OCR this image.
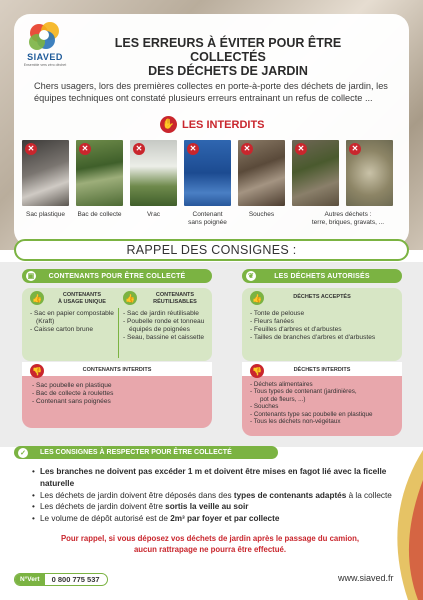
SIAVED
Ensemble vers zéro déchet
LES ERREURS À ÉVITER POUR ÊTRE COLLECTÉS
DES DÉCHETS DE JARDIN
Chers usagers, lors des premières collectes en porte-à-porte des déchets de jardin, les équipes techniques ont constaté plusieurs erreurs entrainant un refus de collecte ...
✋ LES INTERDITS
✕
Sac plastique
✕
Bac de collecte
✕
Vrac
✕
Contenant
sans poignée
✕
Souches
✕	✕
Autres déchets :
terre, briques, gravats, ...
RAPPEL DES CONSIGNES :
▣ CONTENANTS POUR ÊTRE COLLECTÉ
👍	CONTENANTS
À USAGE UNIQUE	👍	CONTENANTS
RÉUTILISABLES
- Sac en papier compostable
(Kraft)
- Caisse carton brune
- Sac de jardin réutilisable
- Poubelle ronde et tonneau
équipés de poignées
- Seau, bassine et caissette
👎	CONTENANTS INTERDITS
- Sac poubelle en plastique
- Bac de collecte à roulettes
- Contenant sans poignées
❦	LES DÉCHETS AUTORISÉS
👍	DÉCHETS ACCEPTÉS
- Tonte de pelouse
- Fleurs fanées
- Feuilles d'arbres et d'arbustes
- Tailles de branches d'arbres et d'arbustes
👎	DÉCHETS INTERDITS
- Déchets alimentaires
- Tous types de contenant (jardinières,
pot de fleurs, ...)
- Souches
- Contenants type sac poubelle en plastique
- Tous les déchets non-végétaux
✓ LES CONSIGNES À RESPECTER POUR ÊTRE COLLECTÉ
• Les branches ne doivent pas excéder 1 m et doivent être mises en fagot lié avec la ficelle naturelle
• Les déchets de jardin doivent être déposés dans des types de contenants adaptés à la collecte
• Les déchets de jardin doivent être sortis la veille au soir
• Le volume de dépôt autorisé est de 2m³ par foyer et par collecte
Pour rappel, si vous déposez vos déchets de jardin après le passage du camion,
aucun rattrapage ne pourra être effectué.
N°Vert	0 800 775 537	www.siaved.fr
